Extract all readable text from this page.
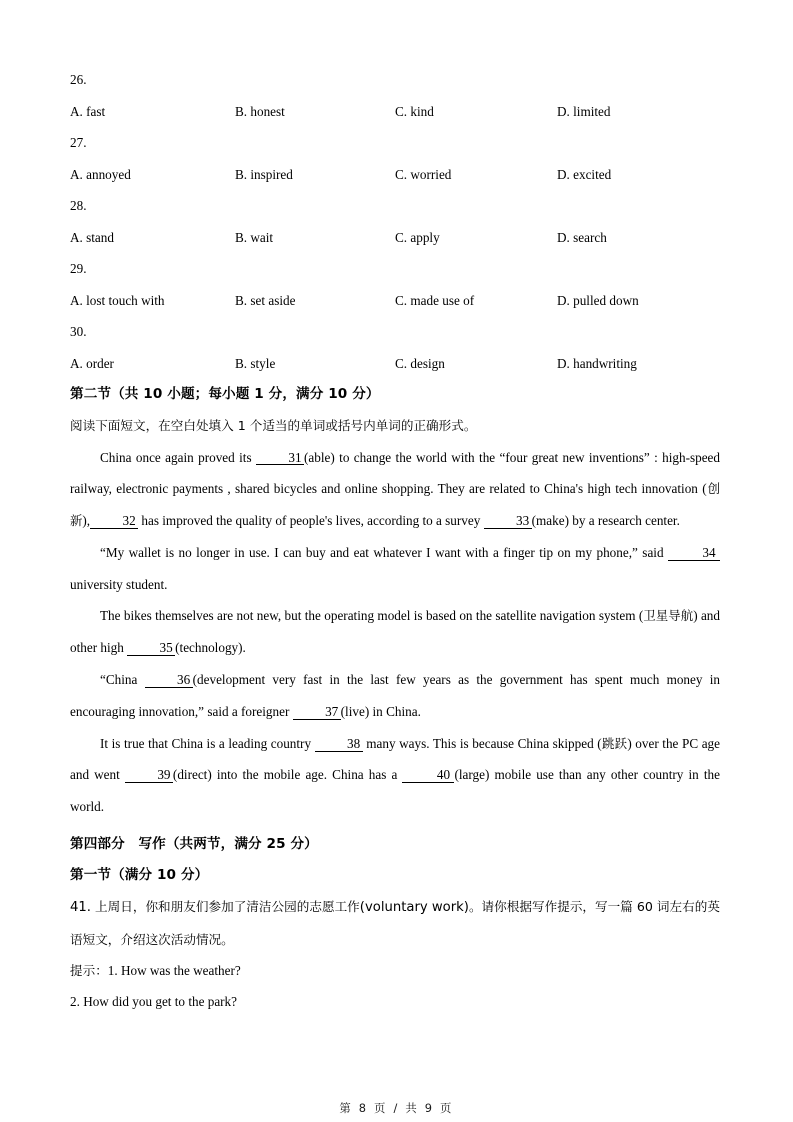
26.
A. fast	B. honest	C. kind	D. limited
27.
A. annoyed	B. inspired	C. worried	D. excited
28.
A. stand	B. wait	C. apply	D. search
29.
A. lost touch with	B. set aside	C. made use of	D. pulled down
30.
A. order	B. style	C. design	D. handwriting
第二节（共 10 小题；每小题 1 分，满分 10 分）
阅读下面短文，在空白处填入 1 个适当的单词或括号内单词的正确形式。

China once again proved its	31 (able) to change the world with the “four great new inventions” : high-speed railway, electronic payments , shared bicycles and online shopping. They are related to China's high tech innovation (创新), 32 has improved the quality of people's lives, according to a survey	33 (make) by a research center.

“My wallet is no longer in use. I can buy and eat whatever I want with a finger tip on my phone,” said	34 university student.

The bikes themselves are not new, but the operating model is based on the satellite navigation system (卫星导航) and other high	35 (technology).

“China	36 (development very fast in the last few years as the government has spent much money in encouraging innovation,” said a foreigner	37 (live) in China.

It is true that China is a leading country	38 many ways. This is because China skipped (跳跃) over the PC age and went	39 (direct) into the mobile age. China has a	40 (large) mobile use than any other country in the world.

第四部分　写作（共两节，满分 25 分）
第一节（满分 10 分）

41. 上周日，你和朋友们参加了清洁公园的志愿工作(voluntary work)。请你根据写作提示，写一篇 60 词左右的英语短文，介绍这次活动情况。

提示：1. How was the weather?
2. How did you get to the park?
第 8 页 / 共 9 页
